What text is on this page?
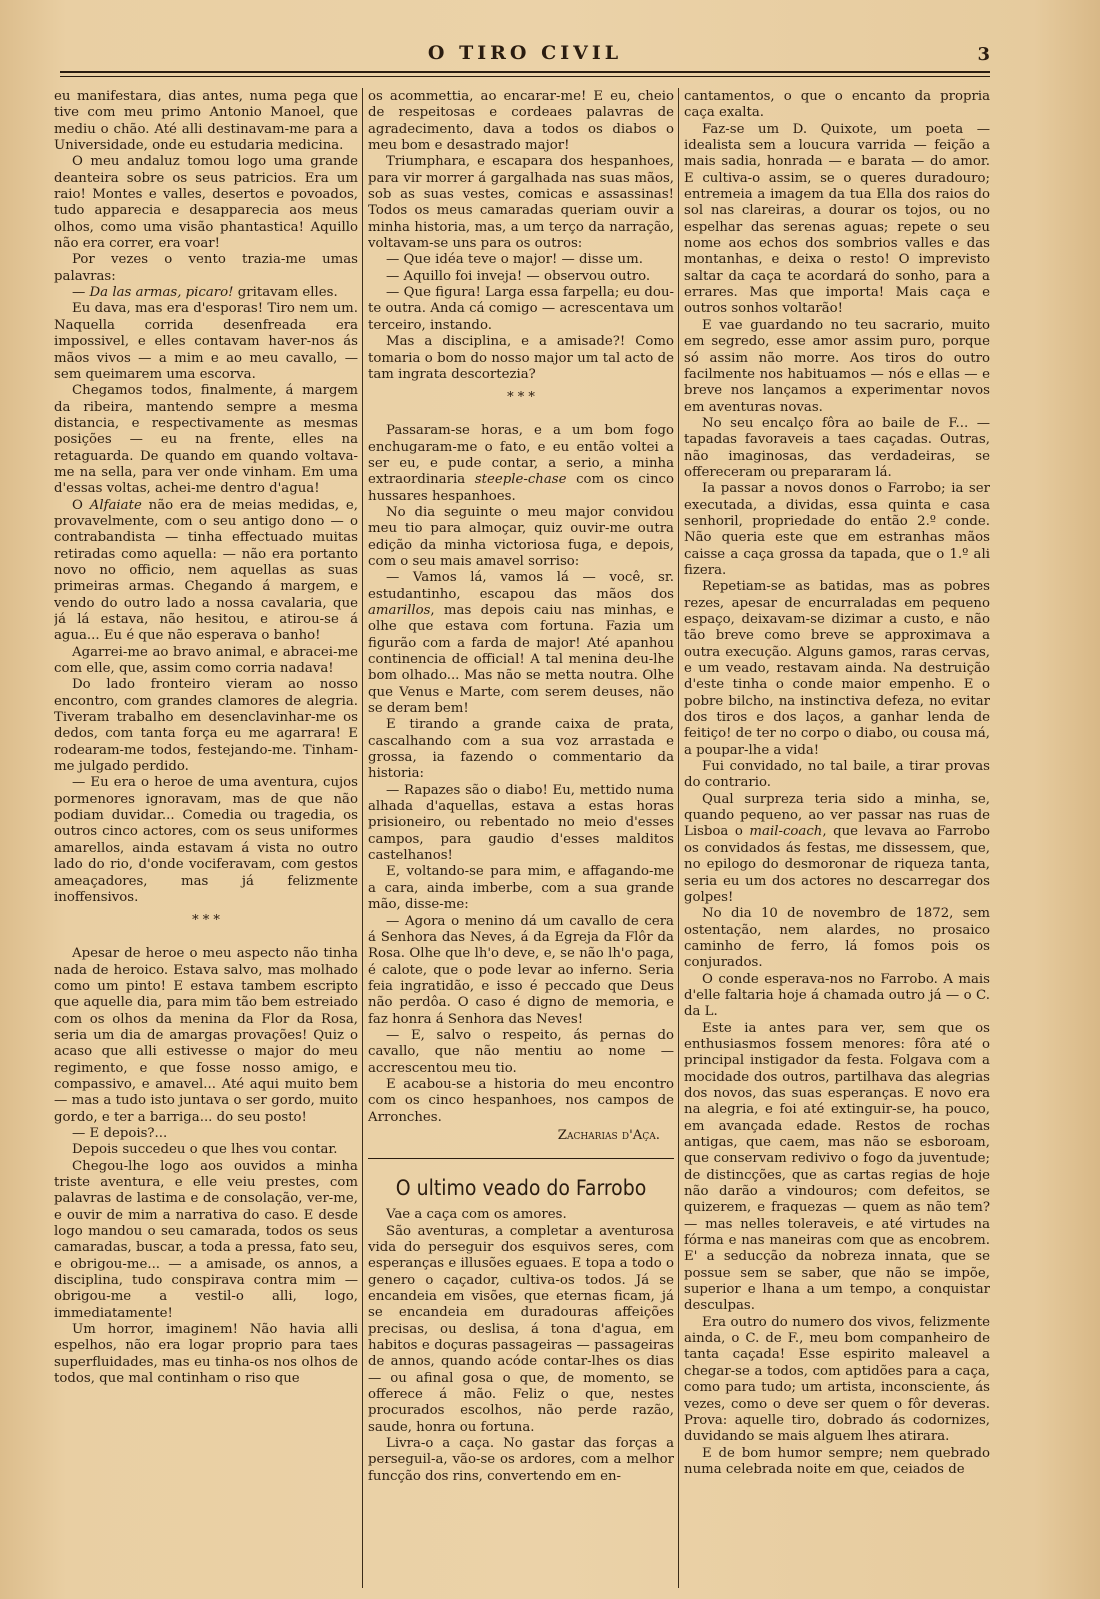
O TIRO CIVIL	3

eu manifestara, dias antes, numa pega que tive com meu primo Antonio Manoel, que mediu o chão. Até alli destinavam-me para a Universidade, onde eu estudaria medicina.

O meu andaluz tomou logo uma grande deanteira sobre os seus patricios. Era um raio! Montes e valles, desertos e povoados, tudo apparecia e desapparecia aos meus olhos, como uma visão phantastica! Aquillo não era correr, era voar!

Por vezes o vento trazia-me umas palavras:

— Da las armas, picaro! gritavam elles.

Eu dava, mas era d'esporas! Tiro nem um. Naquella corrida desenfreada era impossivel, e elles contavam haver-nos ás mãos vivos — a mim e ao meu cavallo, — sem queimarem uma escorva.

Chegamos todos, finalmente, á margem da ribeira, mantendo sempre a mesma distancia, e respectivamente as mesmas posições — eu na frente, elles na retaguarda. De quando em quando voltava-me na sella, para ver onde vinham. Em uma d'essas voltas, achei-me dentro d'agua!

O Alfaiate não era de meias medidas, e, provavelmente, com o seu antigo dono — o contrabandista — tinha effectuado muitas retiradas como aquella: — não era portanto novo no officio, nem aquellas as suas primeiras armas. Chegando á margem, e vendo do outro lado a nossa cavalaria, que já lá estava, não hesitou, e atirou-se á agua... Eu é que não esperava o banho!

Agarrei-me ao bravo animal, e abracei-me com elle, que, assim como corria nadava!

Do lado fronteiro vieram ao nosso encontro, com grandes clamores de alegria. Tiveram trabalho em desenclavinhar-me os dedos, com tanta força eu me agarrara! E rodearam-me todos, festejando-me. Tinham-me julgado perdido.

— Eu era o heroe de uma aventura, cujos pormenores ignoravam, mas de que não podiam duvidar... Comedia ou tragedia, os outros cinco actores, com os seus uniformes amarellos, ainda estavam á vista no outro lado do rio, d'onde vociferavam, com gestos ameaçadores, mas já felizmente inoffensivos.

* * *

Apesar de heroe o meu aspecto não tinha nada de heroico. Estava salvo, mas molhado como um pinto! E estava tambem escripto que aquelle dia, para mim tão bem estreiado com os olhos da menina da Flor da Rosa, seria um dia de amargas provações! Quiz o acaso que alli estivesse o major do meu regimento, e que fosse nosso amigo, e compassivo, e amavel... Até aqui muito bem — mas a tudo isto juntava o ser gordo, muito gordo, e ter a barriga... do seu posto!

— E depois?...

Depois succedeu o que lhes vou contar.

Chegou-lhe logo aos ouvidos a minha triste aventura, e elle veiu prestes, com palavras de lastima e de consolação, ver-me, e ouvir de mim a narrativa do caso. E desde logo mandou o seu camarada, todos os seus camaradas, buscar, a toda a pressa, fato seu, e obrigou-me... — a amisade, os annos, a disciplina, tudo conspirava contra mim — obrigou-me a vestil-o alli, logo, immediatamente!

Um horror, imaginem! Não havia alli espelhos, não era logar proprio para taes superfluidades, mas eu tinha-os nos olhos de todos, que mal continham o riso que

os acommettia, ao encarar-me! E eu, cheio de respeitosas e cordeaes palavras de agradecimento, dava a todos os diabos o meu bom e desastrado major!

Triumphara, e escapara dos hespanhoes, para vir morrer á gargalhada nas suas mãos, sob as suas vestes, comicas e assassinas! Todos os meus camaradas queriam ouvir a minha historia, mas, a um terço da narração, voltavam-se uns para os outros:

— Que idéa teve o major! — disse um.

— Aquillo foi inveja! — observou outro.

— Que figura! Larga essa farpella; eu dou-te outra. Anda cá comigo — acrescentava um terceiro, instando.

Mas a disciplina, e a amisade?! Como tomaria o bom do nosso major um tal acto de tam ingrata descortezia?

* * *

Passaram-se horas, e a um bom fogo enchugaram-me o fato, e eu então voltei a ser eu, e pude contar, a serio, a minha extraordinaria steeple-chase com os cinco hussares hespanhoes.

No dia seguinte o meu major convidou meu tio para almoçar, quiz ouvir-me outra edição da minha victoriosa fuga, e depois, com o seu mais amavel sorriso:

— Vamos lá, vamos lá — você, sr. estudantinho, escapou das mãos dos amarillos, mas depois caiu nas minhas, e olhe que estava com fortuna. Fazia um figurão com a farda de major! Até apanhou continencia de official! A tal menina deu-lhe bom olhado... Mas não se metta noutra. Olhe que Venus e Marte, com serem deuses, não se deram bem!

E tirando a grande caixa de prata, cascalhando com a sua voz arrastada e grossa, ia fazendo o commentario da historia:

— Rapazes são o diabo! Eu, mettido numa alhada d'aquellas, estava a estas horas prisioneiro, ou rebentado no meio d'esses campos, para gaudio d'esses malditos castelhanos!

E, voltando-se para mim, e affagando-me a cara, ainda imberbe, com a sua grande mão, disse-me:

— Agora o menino dá um cavallo de cera á Senhora das Neves, á da Egreja da Flôr da Rosa. Olhe que lh'o deve, e, se não lh'o paga, é calote, que o pode levar ao inferno. Seria feia ingratidão, e isso é peccado que Deus não perdôa. O caso é digno de memoria, e faz honra á Senhora das Neves!

— E, salvo o respeito, ás pernas do cavallo, que não mentiu ao nome — accrescentou meu tio.

E acabou-se a historia do meu encontro com os cinco hespanhoes, nos campos de Arronches.

Zacharias d'Aça.
O ultimo veado do Farrobo

Vae a caça com os amores.

São aventuras, a completar a aventurosa vida do perseguir dos esquivos seres, com esperanças e illusões eguaes. E topa a todo o genero o caçador, cultiva-os todos. Já se encandeia em visões, que eternas ficam, já se encandeia em duradouras affeições precisas, ou deslisa, á tona d'agua, em habitos e doçuras passageiras — passageiras de annos, quando acóde contar-lhes os dias — ou afinal gosa o que, de momento, se offerece á mão. Feliz o que, nestes procurados escolhos, não perde razão, saude, honra ou fortuna.

Livra-o a caça. No gastar das forças a perseguil-a, vão-se os ardores, com a melhor funcção dos rins, convertendo em en-

cantamentos, o que o encanto da propria caça exalta.

Faz-se um D. Quixote, um poeta — idealista sem a loucura varrida — feição a mais sadia, honrada — e barata — do amor. E cultiva-o assim, se o queres duradouro; entremeia a imagem da tua Ella dos raios do sol nas clareiras, a dourar os tojos, ou no espelhar das serenas aguas; repete o seu nome aos echos dos sombrios valles e das montanhas, e deixa o resto! O imprevisto saltar da caça te acordará do sonho, para a errares. Mas que importa! Mais caça e outros sonhos voltarão!

E vae guardando no teu sacrario, muito em segredo, esse amor assim puro, porque só assim não morre. Aos tiros do outro facilmente nos habituamos — nós e ellas — e breve nos lançamos a experimentar novos em aventuras novas.

No seu encalço fôra ao baile de F... — tapadas favoraveis a taes caçadas. Outras, não imaginosas, das verdadeiras, se offereceram ou prepararam lá.

Ia passar a novos donos o Farrobo; ia ser executada, a dividas, essa quinta e casa senhoril, propriedade do então 2.º conde. Não queria este que em estranhas mãos caisse a caça grossa da tapada, que o 1.º ali fizera.

Repetiam-se as batidas, mas as pobres rezes, apesar de encurraladas em pequeno espaço, deixavam-se dizimar a custo, e não tão breve como breve se approximava a outra execução. Alguns gamos, raras cervas, e um veado, restavam ainda. Na destruição d'este tinha o conde maior empenho. E o pobre bilcho, na instinctiva defeza, no evitar dos tiros e dos laços, a ganhar lenda de feitiço! de ter no corpo o diabo, ou cousa má, a poupar-lhe a vida!

Fui convidado, no tal baile, a tirar provas do contrario.

Qual surpreza teria sido a minha, se, quando pequeno, ao ver passar nas ruas de Lisboa o mail-coach, que levava ao Farrobo os convidados ás festas, me dissessem, que, no epilogo do desmoronar de riqueza tanta, seria eu um dos actores no descarregar dos golpes!

No dia 10 de novembro de 1872, sem ostentação, nem alardes, no prosaico caminho de ferro, lá fomos pois os conjurados.

O conde esperava-nos no Farrobo. A mais d'elle faltaria hoje á chamada outro já — o C. da L.

Este ia antes para ver, sem que os enthusiasmos fossem menores: fôra até o principal instigador da festa. Folgava com a mocidade dos outros, partilhava das alegrias dos novos, das suas esperanças. E novo era na alegria, e foi até extinguir-se, ha pouco, em avançada edade. Restos de rochas antigas, que caem, mas não se esboroam, que conservam redivivo o fogo da juventude; de distincções, que as cartas regias de hoje não darão a vindouros; com defeitos, se quizerem, e fraquezas — quem as não tem? — mas nelles toleraveis, e até virtudes na fórma e nas maneiras com que as encobrem. E' a seducção da nobreza innata, que se possue sem se saber, que não se impõe, superior e lhana a um tempo, a conquistar desculpas.

Era outro do numero dos vivos, felizmente ainda, o C. de F., meu bom companheiro de tanta caçada! Esse espirito maleavel a chegar-se a todos, com aptidões para a caça, como para tudo; um artista, inconsciente, ás vezes, como o deve ser quem o fôr deveras. Prova: aquelle tiro, dobrado ás codornizes, duvidando se mais alguem lhes atirara.

E de bom humor sempre; nem quebrado numa celebrada noite em que, ceiados de
